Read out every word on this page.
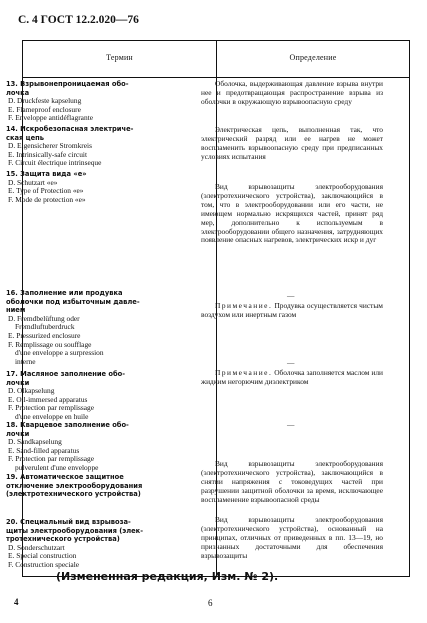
С. 4 ГОСТ 12.2.020—76
Термин	Определение
13. Взрывонепроницаемая обо-
лочка
D. Druckfeste kapselung
E. Flameproof enclosure
F. Enveloppe antidéflagrante
14. Искробезопасная электриче-
ская цепь
D. Eigensicherer Stromkreis
E. Intrinsically-safe circuit
F. Circuit électrique intrinseque
15. Защита вида «е»
D. Schutzart «e»
E. Type of Protection «e»
F. Mode de protection «e»
16. Заполнение или продувка
оболочки под избыточным давле-
нием
D. Fremdbelüftung oder
Fremdluftuberdruck
E. Pressurized enclosure
F. Remplissage ou soufflage
d'une enveloppe a surpression
interne
17. Масляное заполнение обо-
лочки
D. Olkapselung
E. Oil-immersed apparatus
F. Protection par remplissage
d'une enveloppe en huile
18. Кварцевое заполнение обо-
лочки
D. Sandkapselung
E. Sand-filled apparatus
F. Protection par remplissage
pulverulent d'une enveloppe
19. Автоматическое защитное
отключение электрооборудования
(электротехнического устройства)
20. Специальный вид взрывоза-
щиты электрооборудования (элек-
тротехнического устройства)
D. Sonderschutzart
E. Special construction
F. Construction speciale
Оболочка, выдерживающая давление взрыва внутри нее и предотвращающая распространение взрыва из оболочки в окружающую взрывоопасную среду
Электрическая цепь, выполненная так, что электрический разряд или ее нагрев не может воспламенить взрывоопасную среду при предписанных условиях испытания
Вид взрывозащиты электрооборудования (электротехнического устройства), заключающийся в том, что в электрооборудовании или его части, не имеющем нормально искрящихся частей, принят ряд мер, дополнительно к используемым в электрооборудовании общего назначения, затрудняющих появление опасных нагревов, электрических искр и дуг
—
Примечание. Продувка осуществляется чистым воздухом или инертным газом
—
Примечание. Оболочка заполняется маслом или жидким негорючим диэлектриком
—
Вид взрывозащиты электрооборудования (электротехнического устройства), заключающийся в снятии напряжения с токоведущих частей при разрушении защитной оболочки за время, исключающее воспламенение взрывоопасной среды
Вид взрывозащиты электрооборудования (электротехнического устройства), основанный на принципах, отличных от приведенных в пп. 13—19, но признанных достаточными для обеспечения взрывозащиты
(Измененная редакция, Изм. № 2).
4	6
